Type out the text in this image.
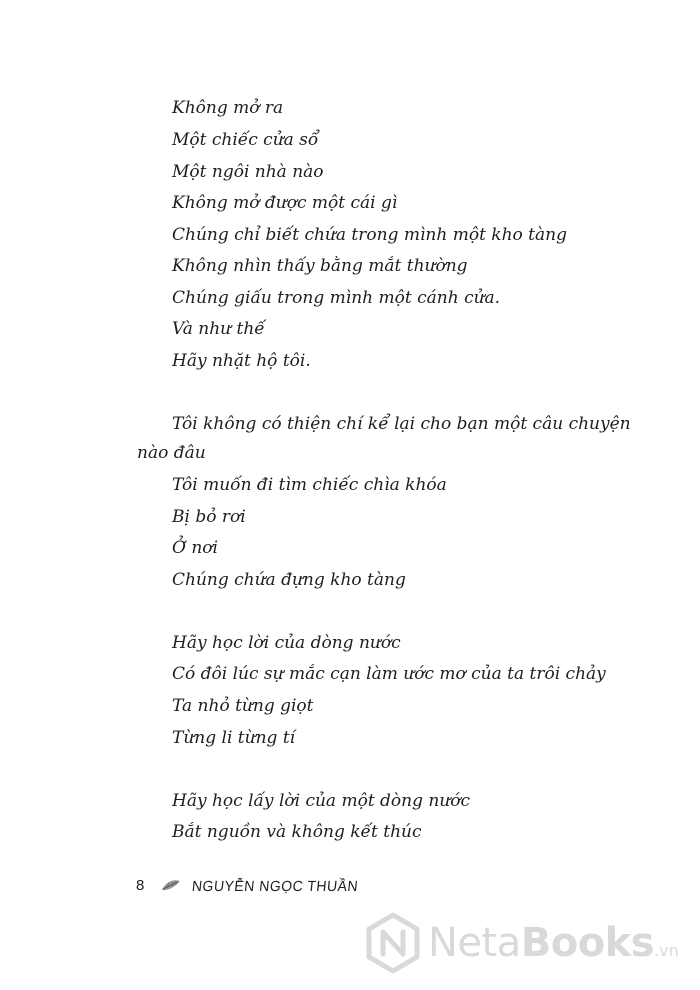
Không mở ra
Một chiếc cửa sổ
Một ngôi nhà nào
Không mở được một cái gì
Chúng chỉ biết chứa trong mình một kho tàng
Không nhìn thấy bằng mắt thường
Chúng giấu trong mình một cánh cửa.
Và như thế
Hãy nhặt hộ tôi.
Tôi không có thiện chí kể lại cho bạn một câu chuyện
nào đâu
Tôi muốn đi tìm chiếc chìa khóa
Bị bỏ rơi
Ở nơi
Chúng chứa đựng kho tàng
Hãy học lời của dòng nước
Có đôi lúc sự mắc cạn làm ước mơ của ta trôi chảy
Ta nhỏ từng giọt
Từng li từng tí
Hãy học lấy lời của một dòng nước
Bắt nguồn và không kết thúc
8	NGUYỄN NGỌC THUẦN
NetaBooks.vn
